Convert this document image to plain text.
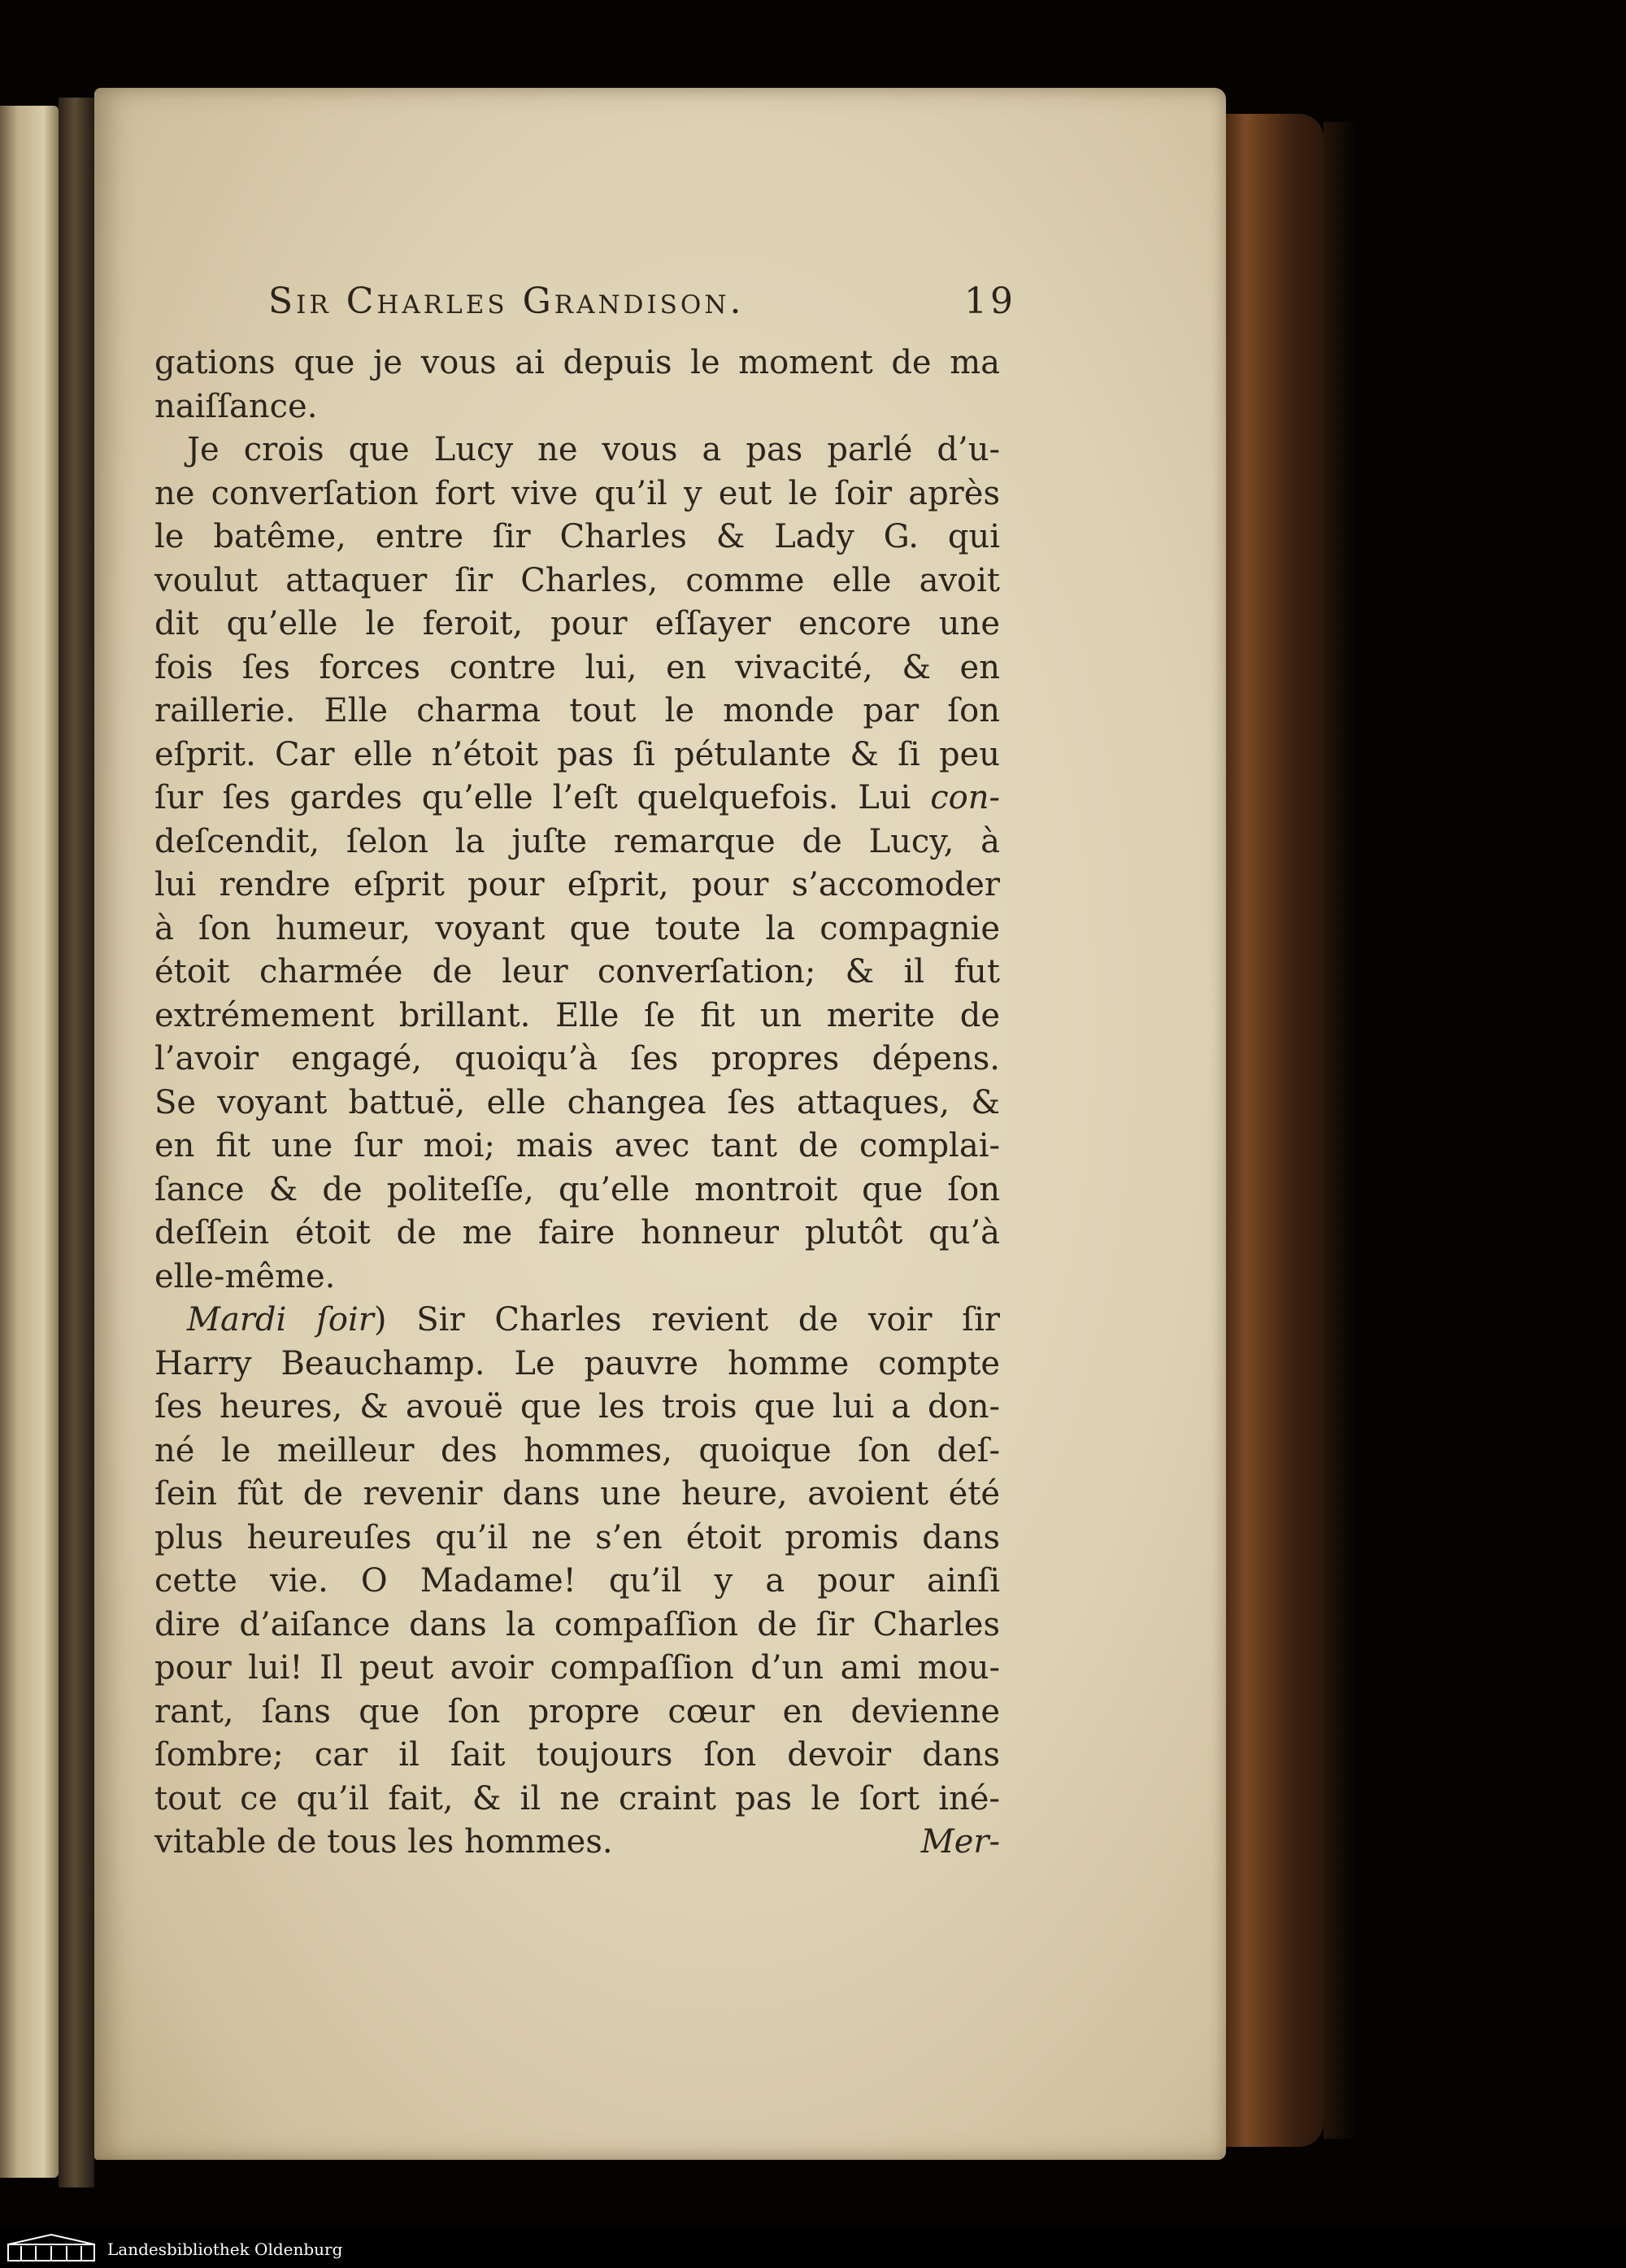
Sir Charles Grandison.	19
gations que je vous ai depuis le moment de ma
naiſſance.
Je crois que Lucy ne vous a pas parlé d’u-
ne converſation fort vive qu’il y eut le ſoir après
le batême, entre ſir Charles & Lady G. qui
voulut attaquer ſir Charles, comme elle avoit
dit qu’elle le feroit, pour eſſayer encore une
fois ſes forces contre lui, en vivacité, & en
raillerie. Elle charma tout le monde par ſon
eſprit. Car elle n’étoit pas ſi pétulante & ſi peu
ſur ſes gardes qu’elle l’eſt quelquefois. Lui con-
deſcendit, ſelon la juſte remarque de Lucy, à
lui rendre eſprit pour eſprit, pour s’accomoder
à ſon humeur, voyant que toute la compagnie
étoit charmée de leur converſation; & il fut
extrémement brillant. Elle ſe fit un merite de
l’avoir engagé, quoiqu’à ſes propres dépens.
Se voyant battuë, elle changea ſes attaques, &
en fit une ſur moi; mais avec tant de complai-
ſance & de politeſſe, qu’elle montroit que ſon
deſſein étoit de me faire honneur plutôt qu’à
elle-même.
Mardi ſoir) Sir Charles revient de voir ſir
Harry Beauchamp. Le pauvre homme compte
ſes heures, & avouë que les trois que lui a don-
né le meilleur des hommes, quoique ſon deſ-
ſein fût de revenir dans une heure, avoient été
plus heureuſes qu’il ne s’en étoit promis dans
cette vie. O Madame! qu’il y a pour ainſi
dire d’aiſance dans la compaſſion de ſir Charles
pour lui! Il peut avoir compaſſion d’un ami mou-
rant, ſans que ſon propre cœur en devienne
ſombre; car il ſait toujours ſon devoir dans
tout ce qu’il fait, & il ne craint pas le ſort iné-
vitable de tous les hommes.	Mer-
Landesbibliothek Oldenburg
